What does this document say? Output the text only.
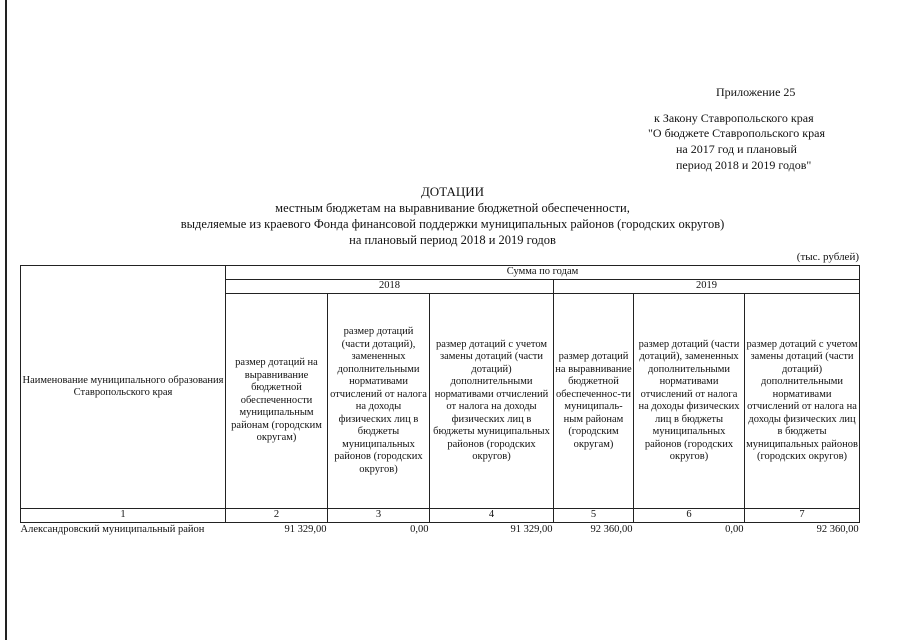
Приложение 25
к Закону Ставропольского края
"О бюджете Ставропольского края
на 2017 год и плановый
период 2018 и 2019 годов"
ДОТАЦИИ
местным бюджетам на выравнивание бюджетной обеспеченности,
выделяемые из краевого Фонда финансовой поддержки муниципальных районов (городских округов)
на плановый период 2018 и 2019 годов
(тыс. рублей)
Наименование муниципального образования Ставропольского края	Сумма по годам					
	2018			2019		
	размер дотаций на выравнивание бюджетной обеспеченности муниципальным районам (городским округам)	размер дотаций (части дотаций), замененных дополнительными нормативами отчислений от налога на доходы физических лиц в бюджеты муниципальных районов (городских округов)	размер дотаций с учетом замены дотаций (части дотаций) дополнительными нормативами отчислений от налога на доходы физических лиц в бюджеты муниципальных районов (городских округов)	размер дотаций на выравнивание бюджетной обеспеченнос-ти муниципаль-ным районам (городским округам)	размер дотаций (части дотаций), замененных дополнительными нормативами отчислений от налога на доходы физических лиц в бюджеты муниципальных районов (городских округов)	размер дотаций с учетом замены дотаций (части дотаций) дополнительными нормативами отчислений от налога на доходы физических лиц в бюджеты муниципальных районов (городских округов)
1	2	3	4	5	6	7
Александровский муниципальный район	91 329,00	0,00	91 329,00	92 360,00	0,00	92 360,00
